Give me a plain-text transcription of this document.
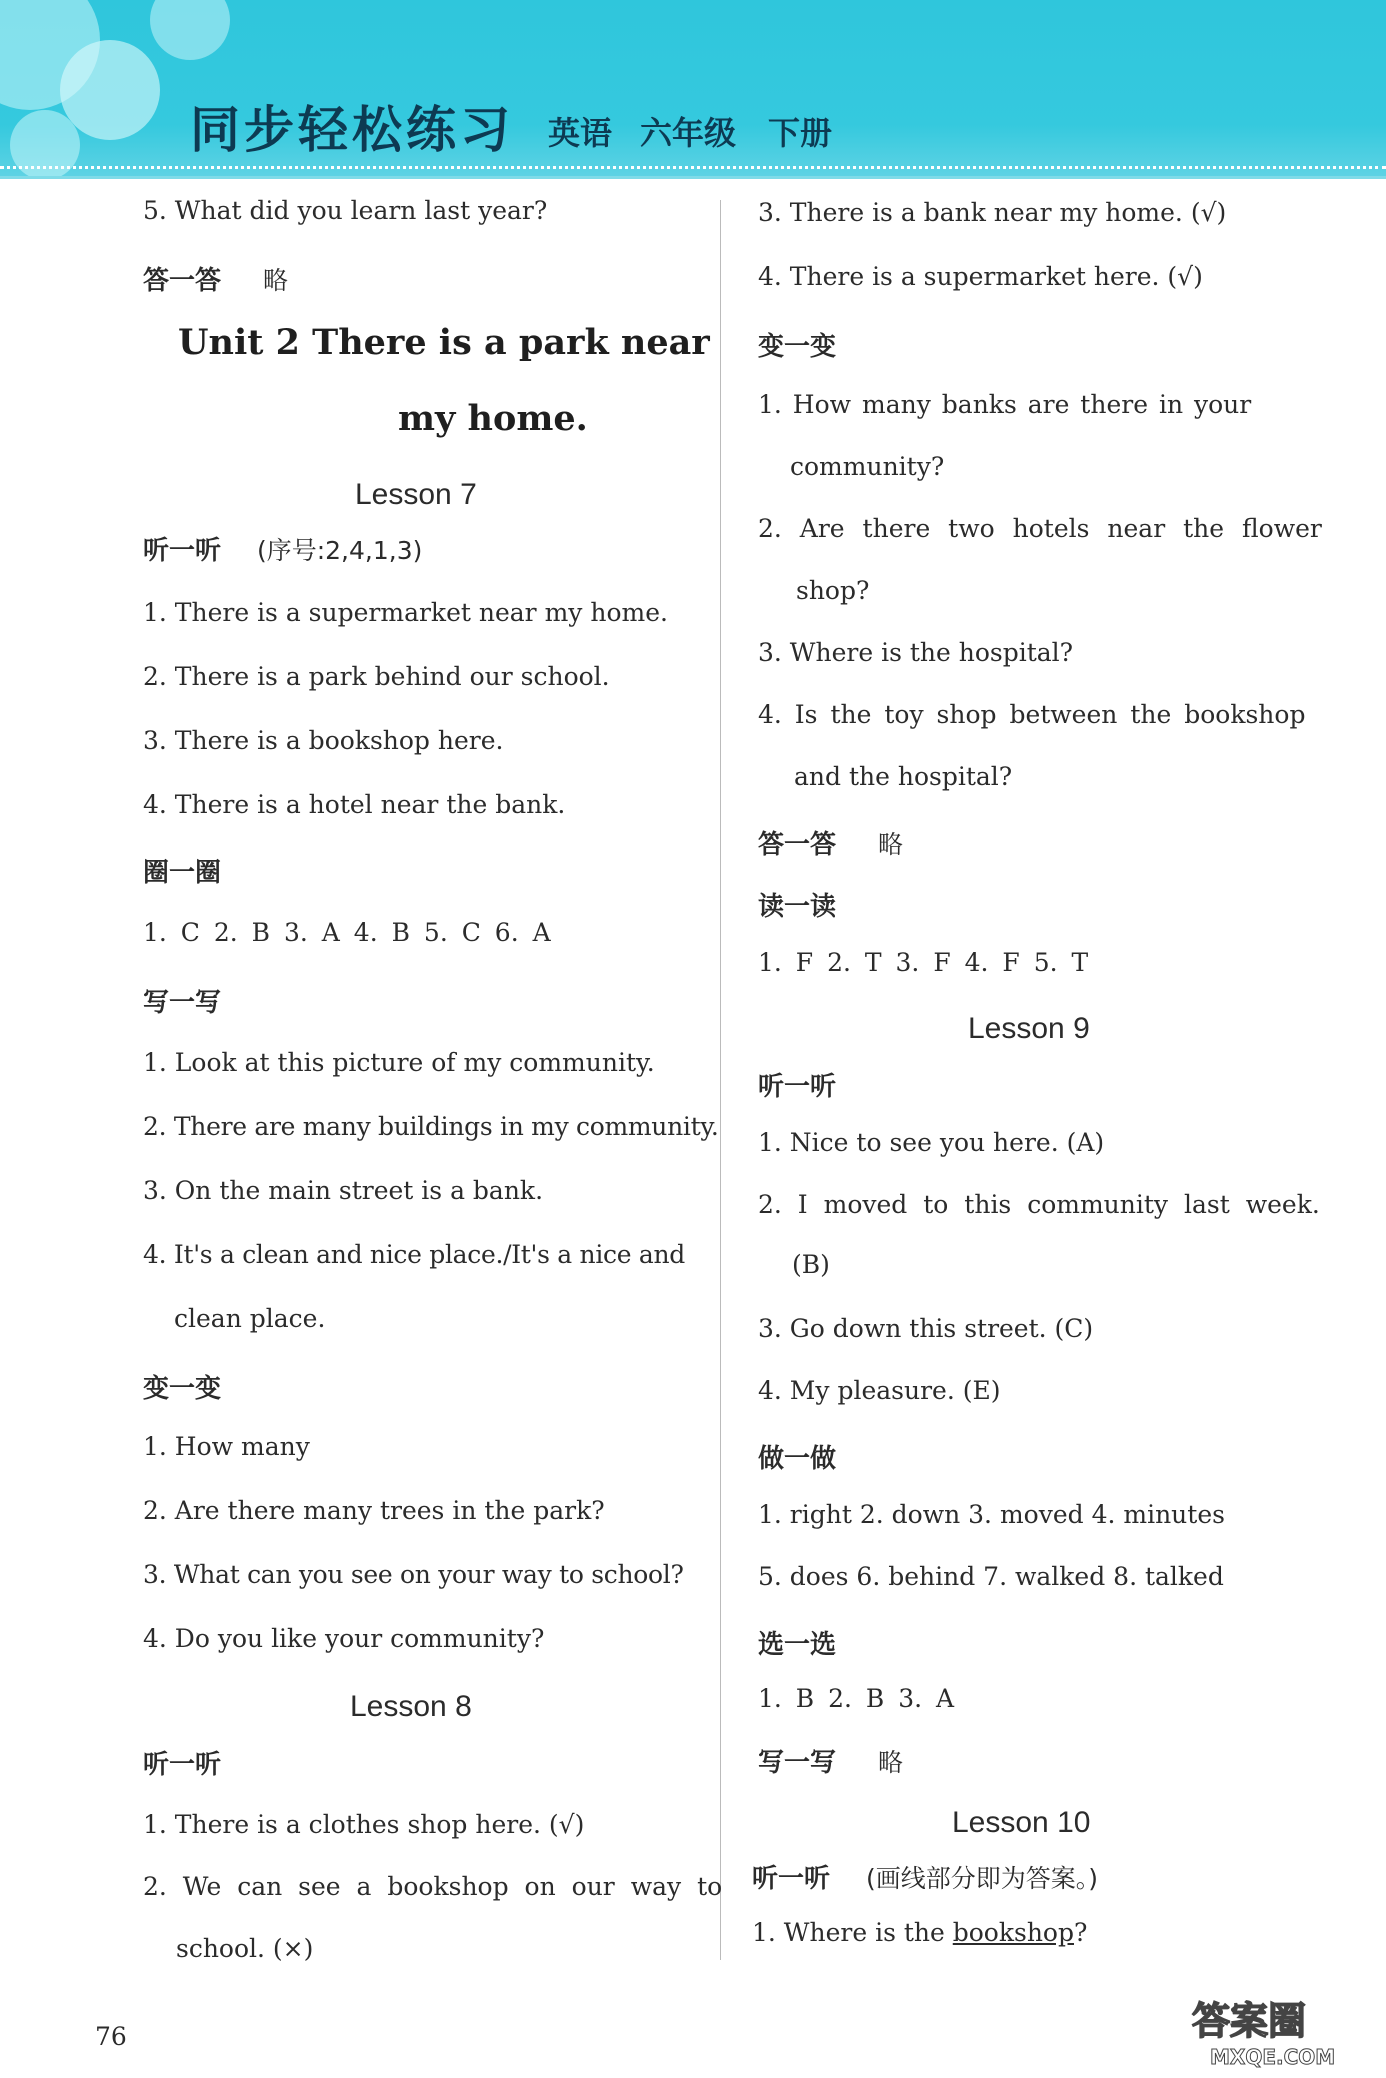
同步轻松练习 英语 六年级 下册
5. What did you learn last year?
答一答 略
Unit 2 There is a park near
my home.
Lesson 7
听一听 (序号:2,4,1,3)
1. There is a supermarket near my home.
2. There is a park behind our school.
3. There is a bookshop here.
4. There is a hotel near the bank.
圈一圈
1. C 2. B 3. A 4. B 5. C 6. A
写一写
1. Look at this picture of my community.
2. There are many buildings in my community.
3. On the main street is a bank.
4. It's a clean and nice place./It's a nice and
clean place.
变一变
1. How many
2. Are there many trees in the park?
3. What can you see on your way to school?
4. Do you like your community?
Lesson 8
听一听
1. There is a clothes shop here. (√)
2. We can see a bookshop on our way to
school. (×)
76
3. There is a bank near my home. (√)
4. There is a supermarket here. (√)
变一变
1. How many banks are there in your
community?
2. Are there two hotels near the flower
shop?
3. Where is the hospital?
4. Is the toy shop between the bookshop
and the hospital?
答一答 略
读一读
1. F 2. T 3. F 4. F 5. T
Lesson 9
听一听
1. Nice to see you here. (A)
2. I moved to this community last week.
(B)
3. Go down this street. (C)
4. My pleasure. (E)
做一做
1. right 2. down 3. moved 4. minutes
5. does 6. behind 7. walked 8. talked
选一选
1. B 2. B 3. A
写一写 略
Lesson 10
听一听 (画线部分即为答案。)
1. Where is the bookshop?
答案圈
MXQE.COM
